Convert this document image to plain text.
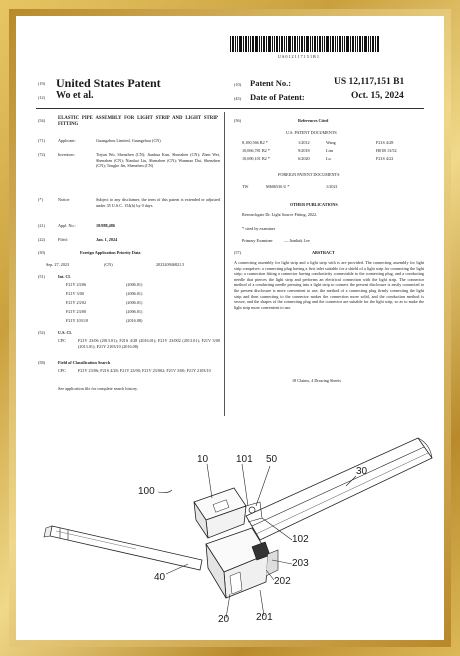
US012117151B1
(19) United States Patent
(12) Wo et al.
(10) Patent No.:	US 12,117,151 B1
(45) Date of Patent:	Oct. 15, 2024
(54)	ELASTIC PIPE ASSEMBLY FOR LIGHT STRIP AND LIGHT STRIP FITTING
(71)	Applicant:	Guangzhou Limited, Guangzhou (CN)
(72)	Inventors:	Tiejun Wu, Shenzhen (CN); Jianhua Kun, Shenzhen (CN); Zhen Wei, Shenzhen (CN); Nianhai Liu, Shenzhen (CN); Wanmao Dai, Shenzhen (CN); Tonghe Jin, Shenzhen (CN)
(*)	Notice:	Subject to any disclaimer, the term of this patent is extended or adjusted under 35 U.S.C. 154(b) by 0 days.
(21)	Appl. No.:	18/088,486
(22)	Filed:	Jan. 1, 2024
(30)	Foreign Application Priority Data
Sep. 27, 2023	(CN)	202320946821.5
(51)	Int. Cl.
F21V 23/06	(2006.01)
F21V 3/00	(2006.01)
F21V 23/02	(2006.01)
F21V 23/00	(2006.01)
F21Y 103/10	(2016.08)
(52)	U.S. Cl.
CPC	F21V 23/06 (2013.01); F21S 4/28 (2016.01); F21V 23/002 (2013.01); F21V 3/00 (2013.01); F21Y 2103/10 (2016.08)
(58)	Field of Classification Search
CPC	F21V 23/06; F21S 4/28; F21V 23/00; F21V 23/002; F21V 3/00; F21Y 2103/10
See application file for complete search history.
(56)	References Cited
U.S. PATENT DOCUMENTS
8,100,566 B2 *	1/2012	Wang	F21S 4/28
10,066,781 B2 *	9/2018	Lim	H01R 13/52
10,690,101 B2 *	6/2020	Lu	F21S 4/22
FOREIGN PATENT DOCUMENTS
TW	M606536 U *	1/2021
OTHER PUBLICATIONS
Researchgate Dr. Light Source Fitting, 2022.
* cited by examiner
Primary Examiner	— Jianliuk Lee
(57)	ABSTRACT
A connecting assembly for light strip and a light strip with is are provided. The connecting assembly for light strip comprises: a connecting plug having a first inlet suitable for a shield of a light strip for connecting the light strip; a connection fitting a connector having conductivity connectable to the connecting plug, and a conducting needle that pierces the light strip and performs an electrical connection with the light strip. The connector method of a conducting needle pressing into a light strip to connect the present disclosure is easily connected to the present disclosure is more convenient to use; the method of a connecting plug firmly connecting the light strip and then connecting to the connector makes the connection more solid, and the conduction method is secure, and the shapes of the connecting plug and the connector are suitable for the light strip, so as to make the light strip more convenient to use.
18 Claims, 4 Drawing Sheets
10	101 50
30
100
102
203
40	202
20	201
